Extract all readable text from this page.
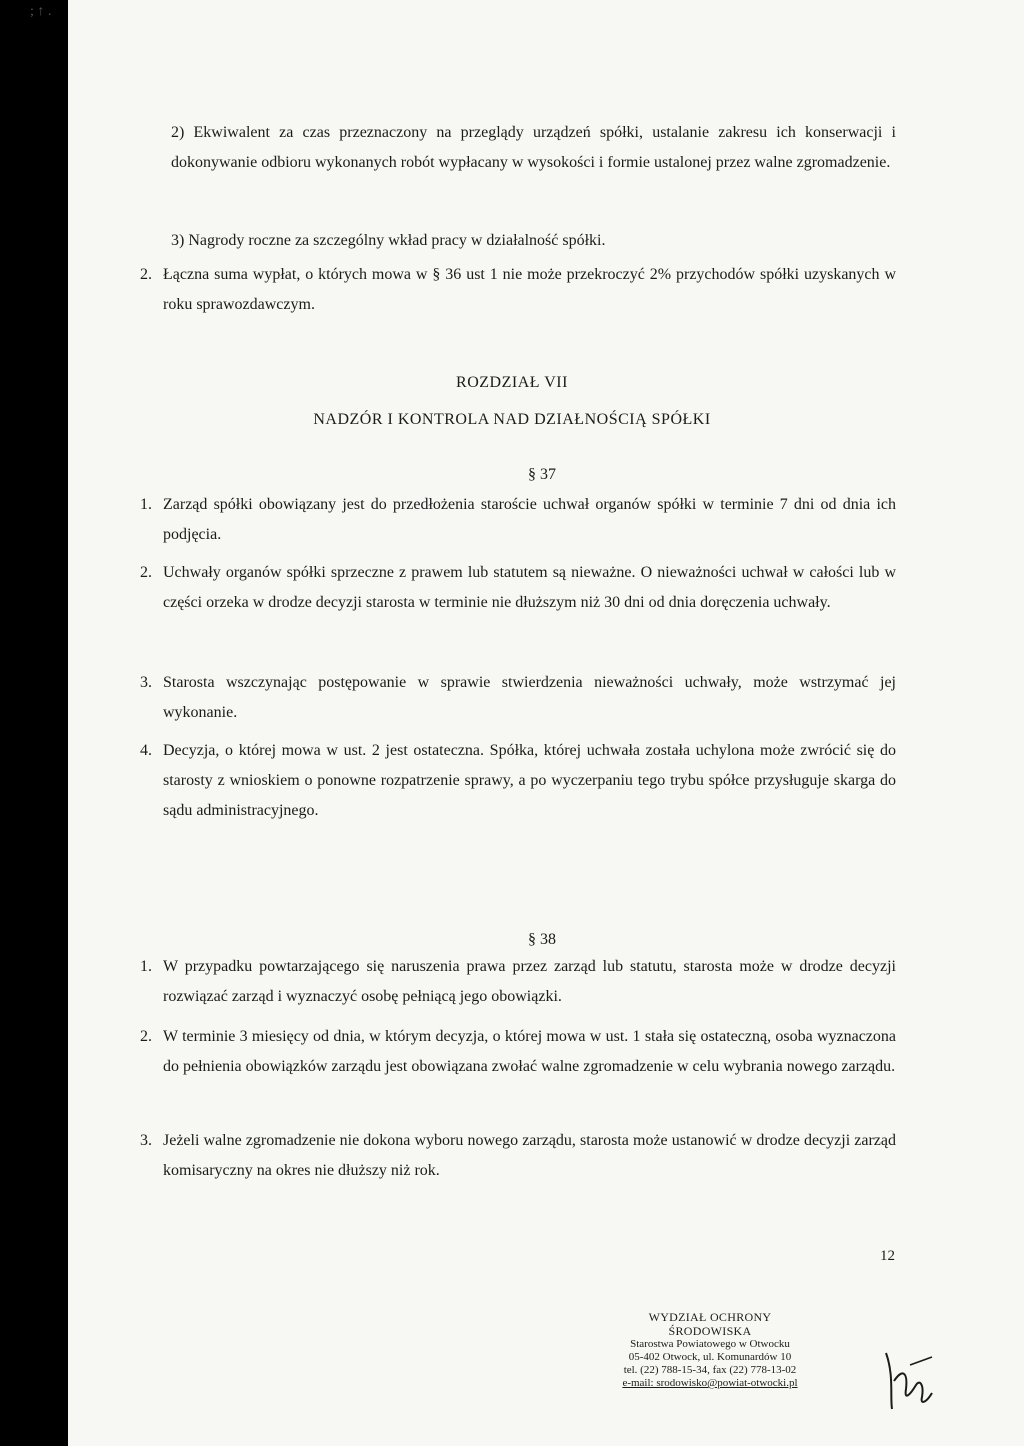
; ↑ .
2) Ekwiwalent za czas przeznaczony na przeglądy urządzeń spółki, ustalanie zakresu ich konserwacji i dokonywanie odbioru wykonanych robót wypłacany w wysokości i formie ustalonej przez walne zgromadzenie.
3) Nagrody roczne za szczególny wkład pracy w działalność spółki.
2. Łączna suma wypłat, o których mowa w § 36 ust 1 nie może przekroczyć 2% przychodów spółki uzyskanych w roku sprawozdawczym.
ROZDZIAŁ VII
NADZÓR I KONTROLA NAD DZIAŁNOŚCIĄ SPÓŁKI
§ 37
1. Zarząd spółki obowiązany jest do przedłożenia staroście uchwał organów spółki w terminie 7 dni od dnia ich podjęcia.
2. Uchwały organów spółki sprzeczne z prawem lub statutem są nieważne. O nieważności uchwał w całości lub w części orzeka w drodze decyzji starosta w terminie nie dłuższym niż 30 dni od dnia doręczenia uchwały.
3. Starosta wszczynając postępowanie w sprawie stwierdzenia nieważności uchwały, może wstrzymać jej wykonanie.
4. Decyzja, o której mowa w ust. 2 jest ostateczna. Spółka, której uchwała została uchylona może zwrócić się do starosty z wnioskiem o ponowne rozpatrzenie sprawy, a po wyczerpaniu tego trybu spółce przysługuje skarga do sądu administracyjnego.
§ 38
1. W przypadku powtarzającego się naruszenia prawa przez zarząd lub statutu, starosta może w drodze decyzji rozwiązać zarząd i wyznaczyć osobę pełniącą jego obowiązki.
2. W terminie 3 miesięcy od dnia, w którym decyzja, o której mowa w ust. 1 stała się ostateczną, osoba wyznaczona do pełnienia obowiązków zarządu jest obowiązana zwołać walne zgromadzenie w celu wybrania nowego zarządu.
3. Jeżeli walne zgromadzenie nie dokona wyboru nowego zarządu, starosta może ustanowić w drodze decyzji zarząd komisaryczny na okres nie dłuższy niż rok.
12
WYDZIAŁ OCHRONY
ŚRODOWISKA
Starostwa Powiatowego w Otwocku
05-402 Otwock, ul. Komunardów 10
tel. (22) 788-15-34, fax (22) 778-13-02
e-mail: srodowisko@powiat-otwocki.pl
